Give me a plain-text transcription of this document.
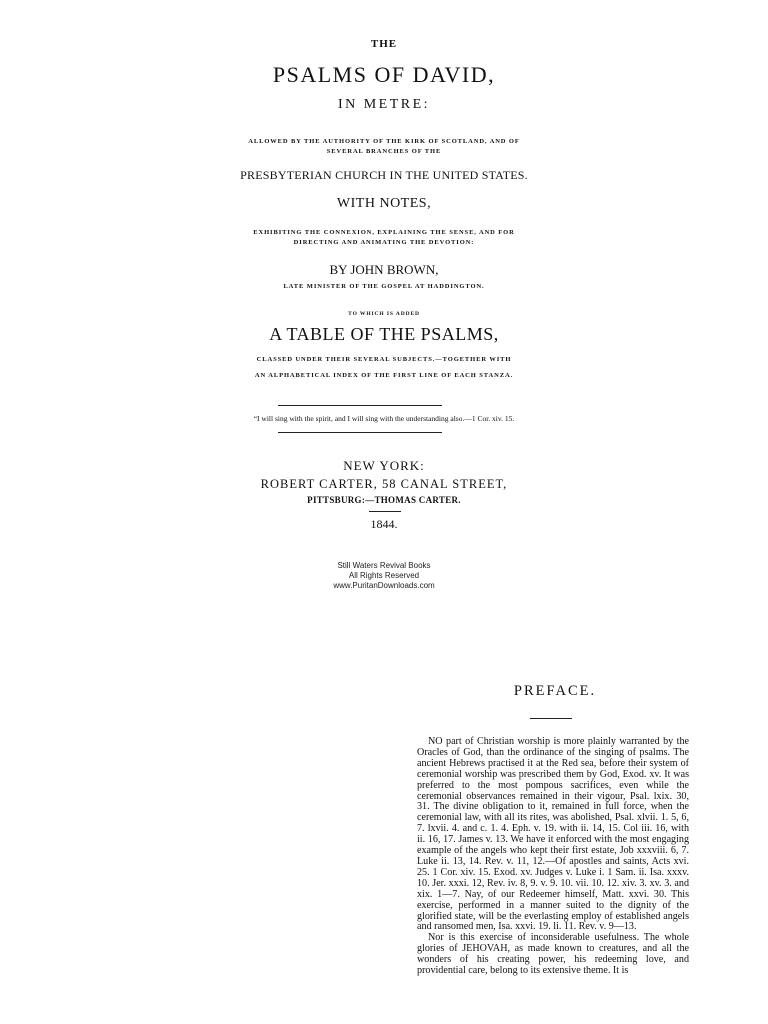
THE
PSALMS OF DAVID,
IN METRE:
ALLOWED BY THE AUTHORITY OF THE KIRK OF SCOTLAND, AND OF
SEVERAL BRANCHES OF THE
PRESBYTERIAN CHURCH IN THE UNITED STATES.
WITH NOTES,
EXHIBITING THE CONNEXION, EXPLAINING THE SENSE, AND FOR
DIRECTING AND ANIMATING THE DEVOTION:
BY JOHN BROWN,
LATE MINISTER OF THE GOSPEL AT HADDINGTON.
TO WHICH IS ADDED
A TABLE OF THE PSALMS,
CLASSED UNDER THEIR SEVERAL SUBJECTS.—TOGETHER WITH
AN ALPHABETICAL INDEX OF THE FIRST LINE OF EACH STANZA.
“I will sing with the spirit, and I will sing with the understanding also.—1 Cor. xiv. 15.
NEW YORK:
ROBERT CARTER, 58 CANAL STREET,
PITTSBURG:—THOMAS CARTER.
1844.
Still Waters Revival Books
All Rights Reserved
www.PuritanDownloads.com
PREFACE.

NO part of Christian worship is more plainly warranted by the Oracles of God, than the ordinance of the singing of psalms. The ancient Hebrews practised it at the Red sea, before their system of ceremonial worship was prescribed them by God, Exod. xv. It was preferred to the most pompous sacrifices, even while the ceremonial observances remained in their vigour, Psal. lxix. 30, 31. The divine obligation to it, remained in full force, when the ceremonial law, with all its rites, was abolished, Psal. xlvii. 1. 5, 6, 7. lxvii. 4. and c. 1. 4. Eph. v. 19. with ii. 14, 15. Col iii. 16, with ii. 16, 17. James v. 13. We have it enforced with the most engaging example of the angels who kept their first estate, Job xxxviii. 6, 7. Luke ii. 13, 14. Rev. v. 11, 12.—Of apostles and saints, Acts xvi. 25. 1 Cor. xiv. 15. Exod. xv. Judges v. Luke i. 1 Sam. ii. Isa. xxxv. 10. Jer. xxxi. 12, Rev. iv. 8, 9. v. 9. 10. vii. 10. 12. xiv. 3. xv. 3. and xix. 1—7. Nay, of our Redeemer himself, Matt. xxvi. 30. This exercise, performed in a manner suited to the dignity of the glorified state, will be the everlasting employ of established angels and ransomed men, Isa. xxvi. 19. li. 11. Rev. v. 9—13.

Nor is this exercise of inconsiderable usefulness. The whole glories of JEHOVAH, as made known to creatures, and all the wonders of his creating power, his redeeming love, and providential care, belong to its extensive theme. It is
